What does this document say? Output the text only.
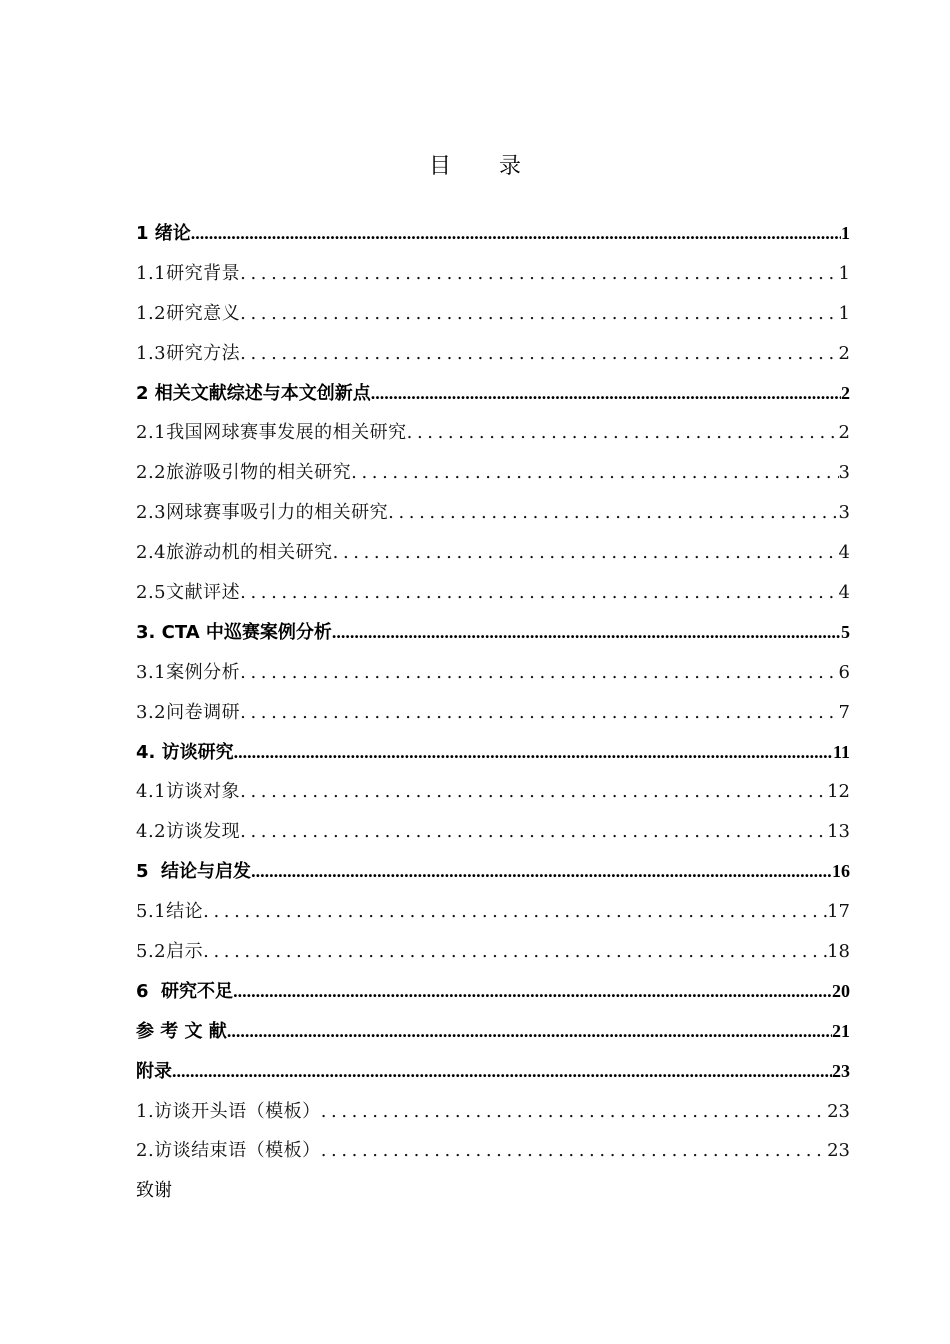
目 录
1 绪论 .....	1
1.1研究背景 .....	1
1.2研究意义 .....	1
1.3研究方法 .....	2
2 相关文献综述与本文创新点 .....	2
2.1我国网球赛事发展的相关研究 .....	2
2.2旅游吸引物的相关研究 .....	3
2.3网球赛事吸引力的相关研究 .....	3
2.4旅游动机的相关研究 .....	4
2.5文献评述 .....	4
3. CTA 中巡赛案例分析 .....	5
3.1案例分析 .....	6
3.2问卷调研 .....	7
4. 访谈研究 .....	11
4.1访谈对象 .....	12
4.2访谈发现 .....	13
5  结论与启发 .....	16
5.1结论 .....	17
5.2启示 .....	18
6  研究不足 .....	20
参 考 文 献 .....	21
附录 .....	23
1.访谈开头语（模板） .....	23
2.访谈结束语（模板） .....	23
致谢
